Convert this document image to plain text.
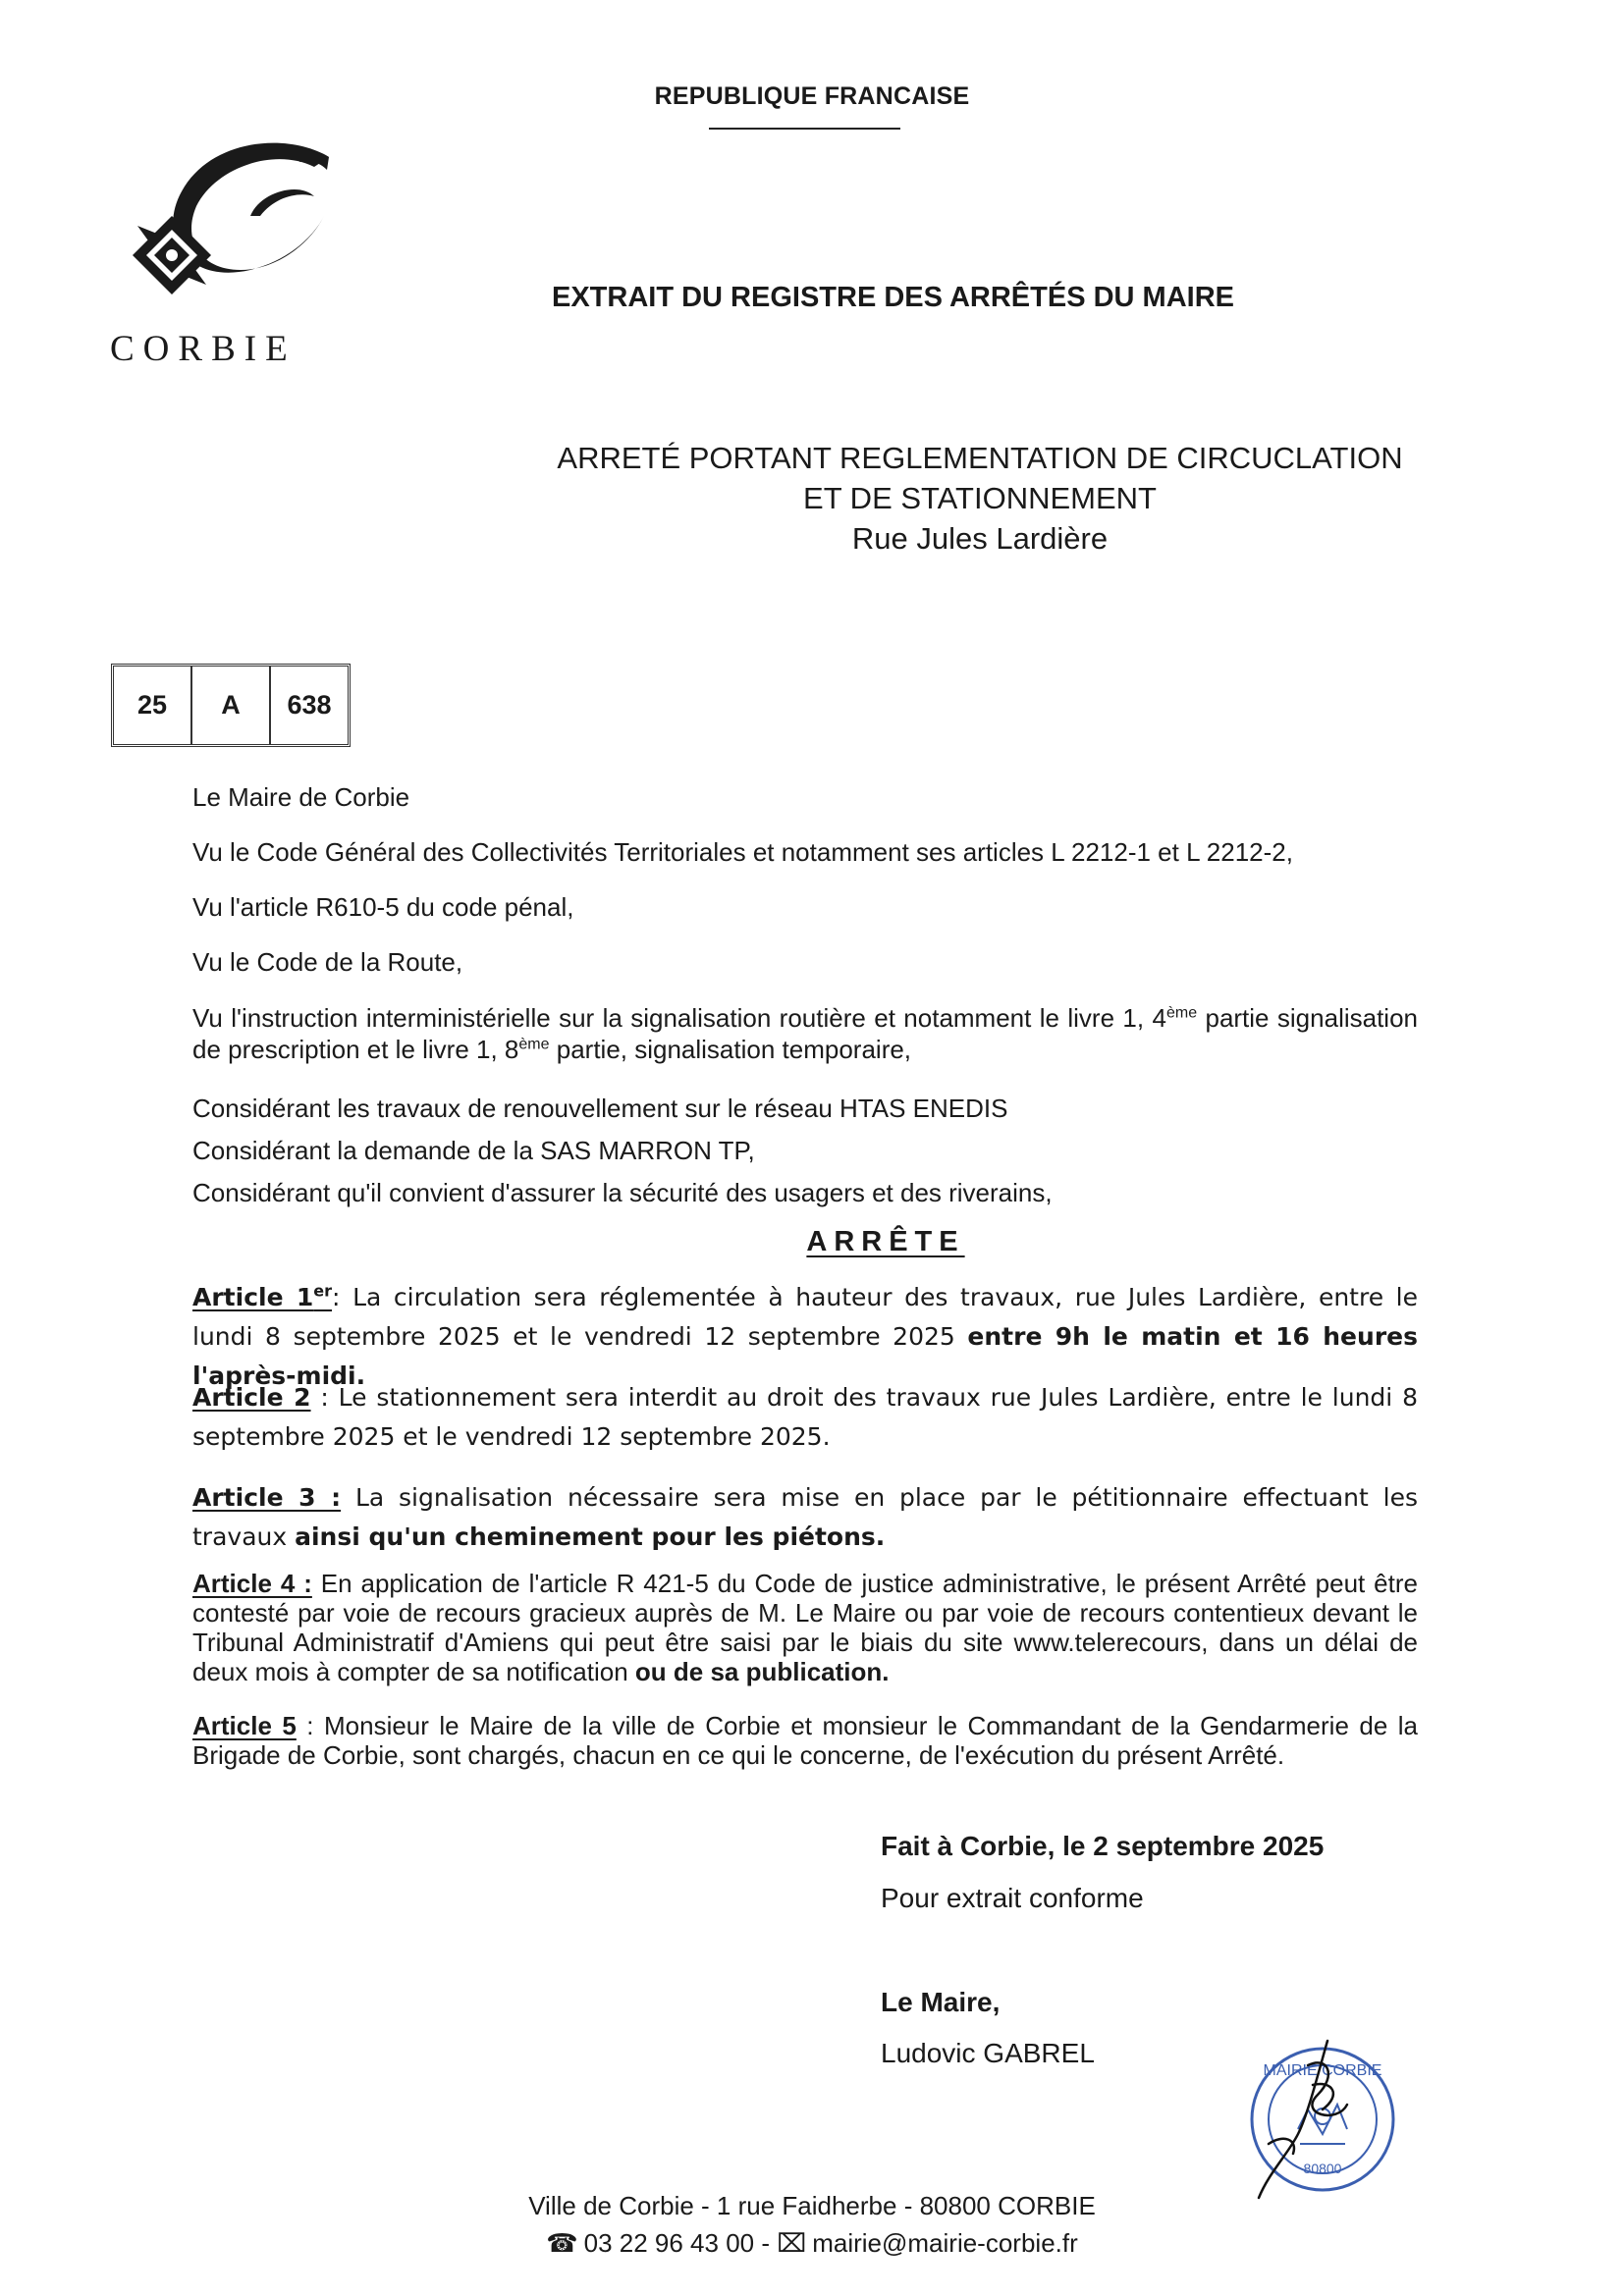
REPUBLIQUE FRANCAISE
CORBIE
EXTRAIT DU REGISTRE DES ARRÊTÉS DU MAIRE
ARRETÉ PORTANT REGLEMENTATION DE CIRCUCLATION
ET DE STATIONNEMENT
Rue Jules Lardière
25	A	638
Le Maire de Corbie
Vu le Code Général des Collectivités Territoriales et notamment ses articles L 2212-1 et L 2212-2,
Vu l'article R610-5 du code pénal,
Vu le Code de la Route,
Vu l'instruction interministérielle sur la signalisation routière et notamment le livre 1, 4ème partie signalisation de prescription et le livre 1, 8ème partie, signalisation temporaire,
Considérant les travaux de renouvellement sur le réseau HTAS ENEDIS
Considérant la demande de la SAS MARRON TP,
Considérant qu'il convient d'assurer la sécurité des usagers et des riverains,
ARRÊTE
Article 1er: La circulation sera réglementée à hauteur des travaux, rue Jules Lardière, entre le lundi 8 septembre 2025 et le vendredi 12 septembre 2025 entre 9h le matin et 16 heures l'après-midi.
Article 2 : Le stationnement sera interdit au droit des travaux rue Jules Lardière, entre le lundi 8 septembre 2025 et le vendredi 12 septembre 2025.
Article 3 : La signalisation nécessaire sera mise en place par le pétitionnaire effectuant les travaux ainsi qu'un cheminement pour les piétons.
Article 4 : En application de l'article R 421-5 du Code de justice administrative, le présent Arrêté peut être contesté par voie de recours gracieux auprès de M. Le Maire ou par voie de recours contentieux devant le Tribunal Administratif d'Amiens qui peut être saisi par le biais du site www.telerecours, dans un délai de deux mois à compter de sa notification ou de sa publication.
Article 5 : Monsieur le Maire de la ville de Corbie et monsieur le Commandant de la Gendarmerie de la Brigade de Corbie, sont chargés, chacun en ce qui le concerne, de l'exécution du présent Arrêté.
Fait à Corbie, le 2 septembre 2025
Pour extrait conforme
Le Maire,
Ludovic GABREL
MAIRIE CORBIE
80800
Ville de Corbie - 1 rue Faidherbe - 80800 CORBIE
☎ 03 22 96 43 00 - ⌧ mairie@mairie-corbie.fr
